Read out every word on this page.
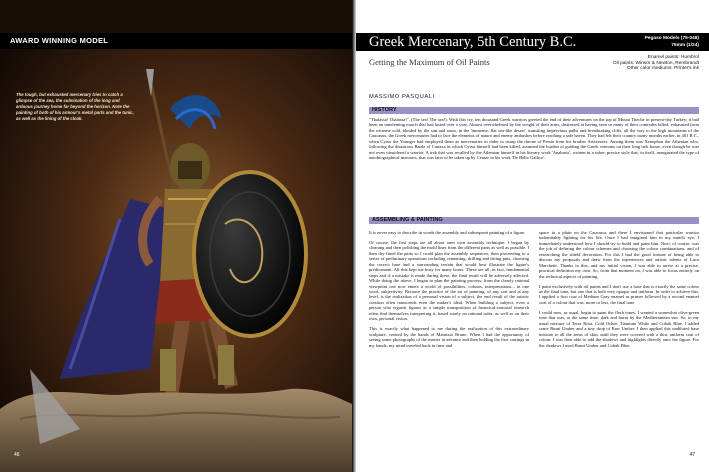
AWARD WINNING MODEL
The tough, but exhausted mercenary tries to catch a glimpse of the sea, the culmination of the long and arduous journey home far beyond the horizon. Note the painting of both of his armour's metal parts and the tunic, as well as the lining of the cloak.
46
Greek Mercenary, 5th Century B.C.	Pegaso Models (75-048)
75mm (1/24)
Enamel paints: Humbrol
Oil paints: Winsor & Newton, Rembrandt
Other color mediums: Printer's ink
Getting the Maximum of Oil Paints
MASSIMO PASQUALI
HISTORY

"Thalassa! Thalassa!", (The sea! The sea!). With this cry, ten thousand Greek warriors greeted the end of their adventures on the top of Mount Theche in present-day Turkey; it had been an unrelenting march that had lasted over a year. Almost overwhelmed by the weight of their arms, distressed at having seen so many of their comrades killed, exhausted from the extreme cold, blinded by the sun and snow, in the 'immense, flat sea-like desert', transiting impervious paths and breathtaking cliffs, all the way to the high mountains of the Caucasus, the Greek mercenaries had to face the elements of nature and enemy ambushes before reaching a safe haven. They had left their country many months earlier, in 401 B.C., when Cyrus the Younger had employed them as mercenaries in order to usurp the throne of Persia from his brother Artaxerxes. Among them was Xenophon the Athenian who, following the disastrous Battle of Cunaxa in which Cyrus himself had been killed, assumed the burden of guiding the Greek veterans on their long trek home, even though he was not even considered a warrior. A trek that was recalled by the Athenian himself in his literary work 'Anabasis', written in a sober, precise style that, in itself, inaugurated the type of autobiographical memoirs, that was later to be taken up by Ceasar in his work 'De Bello Gallico'.

ASSEMBLING & PAINTING

It is never easy to describe in words the assembly and subsequent painting of a figure.

Of course, the first steps are all about ones own assembly technique: I began by cleaning and then polishing the mold lines from the different parts as well as possible. I then dry-fitted the parts so I could plan the assembly sequences, then proceeding to a series of preliminary operations including cementing, drilling and fitting pins, choosing the correct base and a surrounding terrain that would best illustrate the figure's predicament. All this kept me busy for many hours. These are all, in fact, fundamental steps and if a mistake is made during these, the final result will be adversely affected. While doing the above, I began to plan the painting process; from the clearly rational viewpoint one now enters a world of possibilities, colours, interpretations... in one word, subjectivity. Because the practice of the art of painting, of any sort and at any level, is the realization of a personal vision of a subject, the end result of the artistic creation often transcends even the maker's ideal. When building a subject, even a person who regards figures as a simple transposition of historical-sartorial research often find themselves interpreting it, based surely on rational rules, as well as on their own, personal vision.

This is exactly what happened to me during the realization of this extraordinary sculpture, created by the hands of Maurizio Bruno. When I had the opportunity of seeing some photographs of the master in advance and then holding the first castings in my hands, my mind traveled back in time and

space to a plain on the Caucasus and there I envisioned that particular warrior indomitably fighting for his life. Once I had imagined him in my mind's eye, I immediately understood how I should try to build and paint him. Next, of course, was the job of defining the colour schemes and choosing the colour combinations, and of researching the shield decoration. For this I had the good fortune of being able to discuss my proposals and draw from the experiences and artistic talents of Luca Marchetti. Thanks to this, and my initial vision, I was able to arrive at a precise, practical definition my own. So, from that moment on, I was able to focus entirely on the technical aspects of painting.

I paint exclusively with oil paints and I don't use a base that is exactly the same colour as the final tone, but one that is both very opaque and uniform. In order to achieve this, I applied a first coat of Medium Gray enamel as primer followed by a second enamel coat of a colour that was, more or less, the final tone.

I could now, as usual, begin to paint the flesh tones. I wanted a somewhat olive-green tone that was, at the same time, dark and burnt by the Mediterranean sun. So, to my usual mixture of Terra Rosa, Cold Ochre, Titanium White and Cobalt Blue, I added some Burnt Umber and a tiny drop of Raw Umber. I then applied this undiluted base mixture to all the areas of skin, until they were covered with a thin, uniform coat of colour. I was then able to add the shadows and highlights directly onto the figure. For the shadows I used Burnt Umber and Cobalt Blue,

47
